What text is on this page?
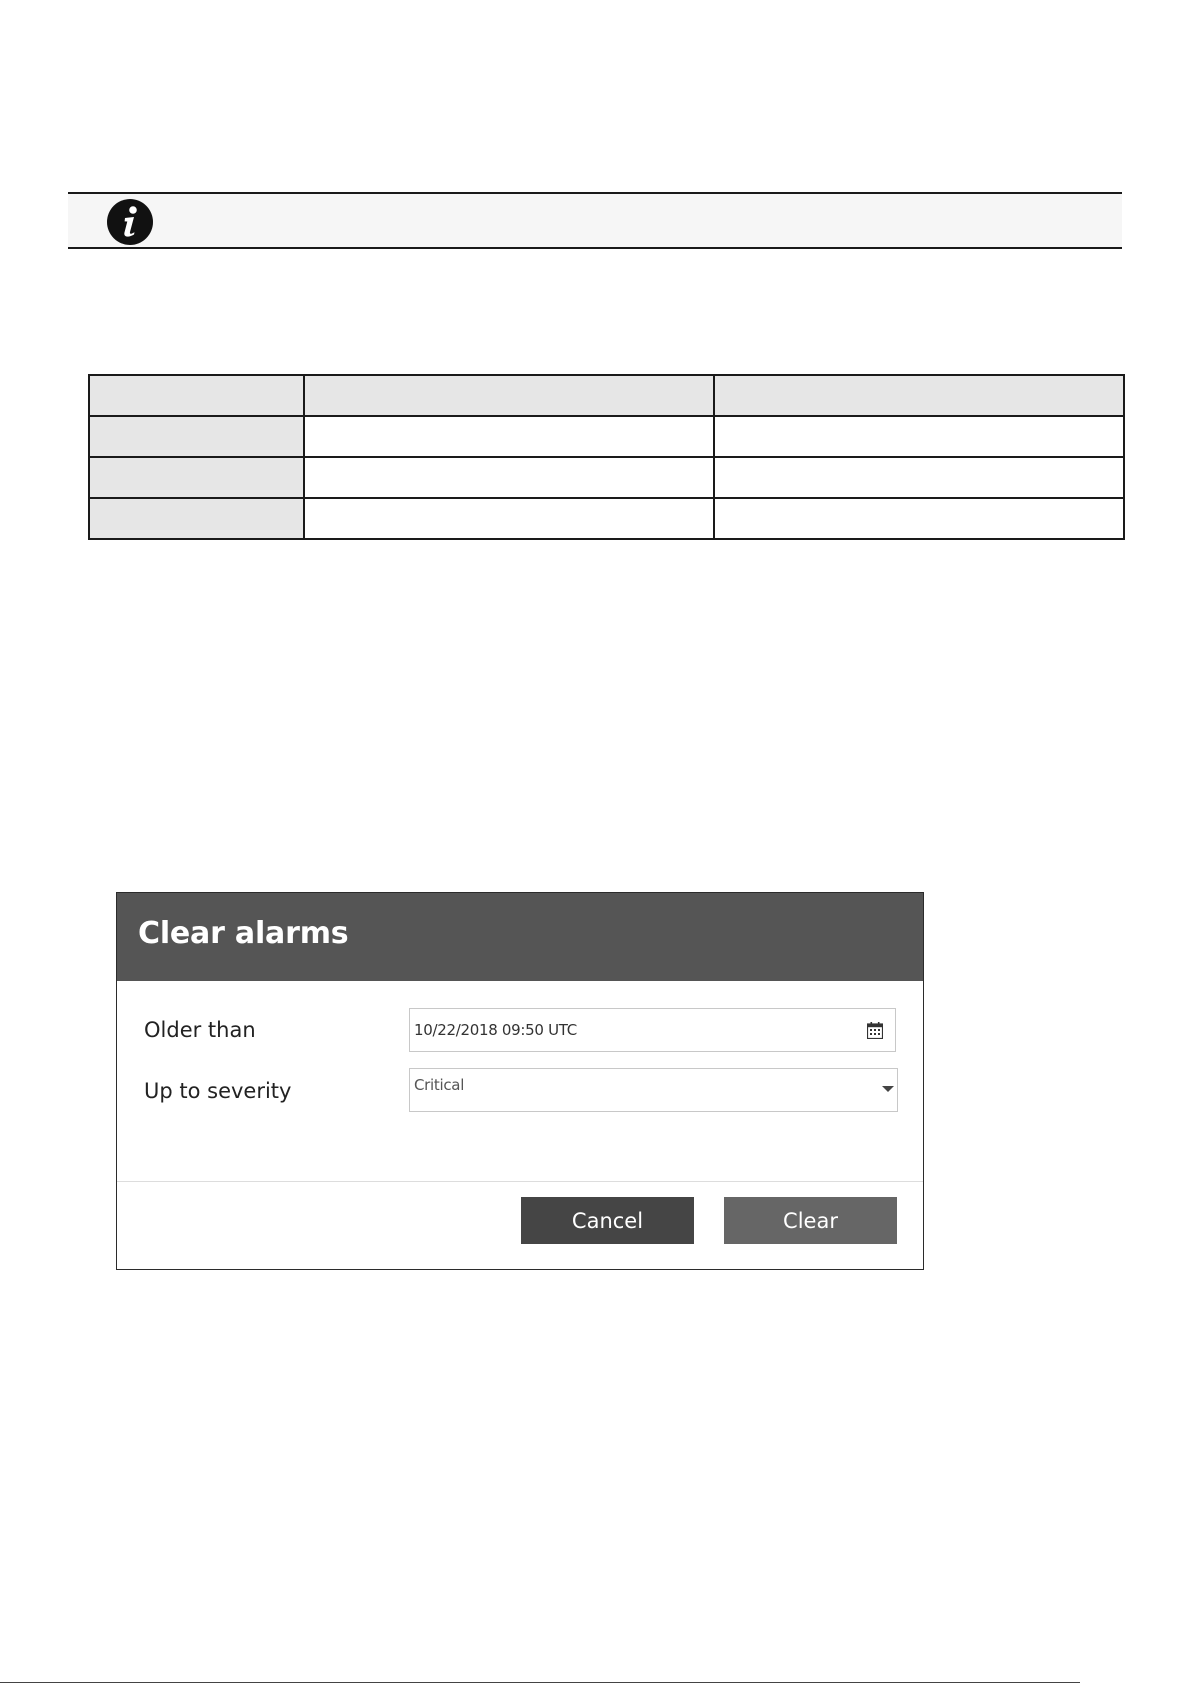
Clear alarms
Older than	10/22/2018 09:50 UTC
Up to severity	Critical
Cancel	Clear
